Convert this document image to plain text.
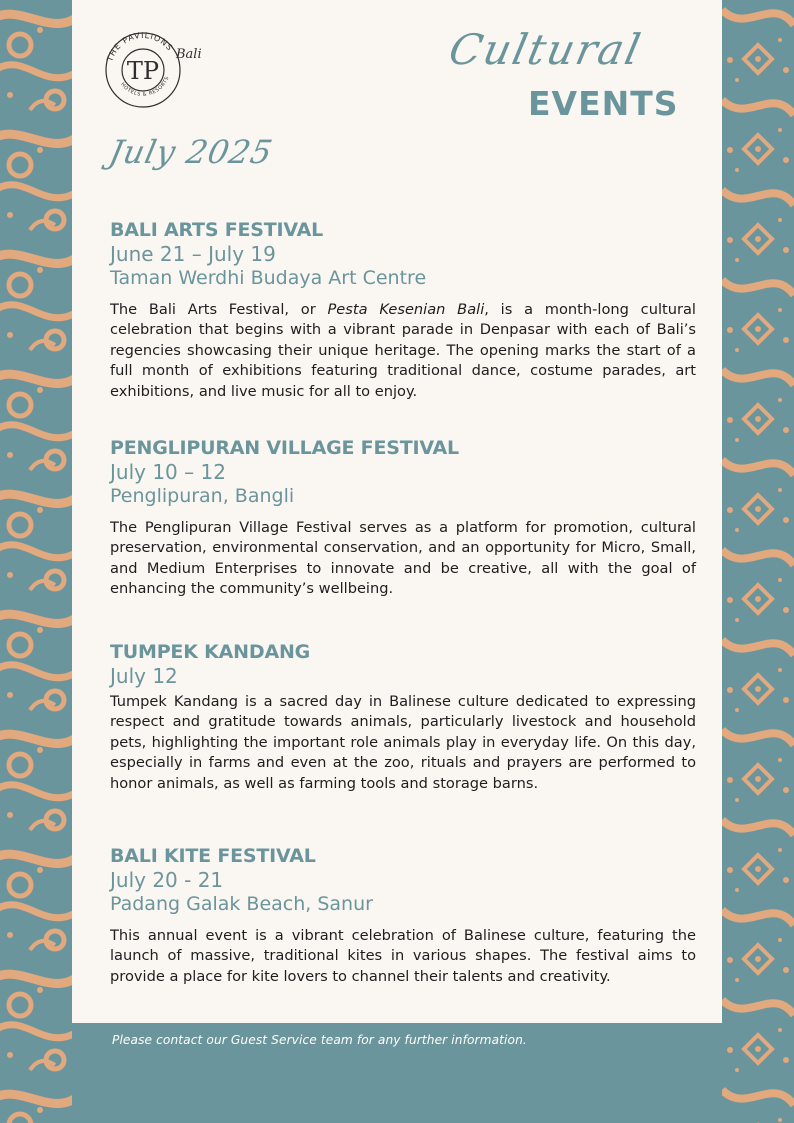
THE PAVILIONS
HOTELS & RESORTS
TP
Bali	Cultural
EVENTS
July 2025
BALI ARTS FESTIVAL
June 21 – July 19
Taman Werdhi Budaya Art Centre
The Bali Arts Festival, or Pesta Kesenian Bali, is a month-long cultural celebration that begins with a vibrant parade in Denpasar with each of Bali’s regencies showcasing their unique heritage. The opening marks the start of a full month of exhibitions featuring traditional dance, costume parades, art exhibitions, and live music for all to enjoy.
PENGLIPURAN VILLAGE FESTIVAL
July 10 – 12
Penglipuran, Bangli
The Penglipuran Village Festival serves as a platform for promotion, cultural preservation, environmental conservation, and an opportunity for Micro, Small, and Medium Enterprises to innovate and be creative, all with the goal of enhancing the community’s wellbeing.
TUMPEK KANDANG
July 12
Tumpek Kandang is a sacred day in Balinese culture dedicated to expressing respect and gratitude towards animals, particularly livestock and household pets, highlighting the important role animals play in everyday life. On this day, especially in farms and even at the zoo, rituals and prayers are performed to honor animals, as well as farming tools and storage barns.
BALI KITE FESTIVAL
July 20 - 21
Padang Galak Beach, Sanur
This annual event is a vibrant celebration of Balinese culture, featuring the launch of massive, traditional kites in various shapes. The festival aims to provide a place for kite lovers to channel their talents and creativity.
Please contact our Guest Service team for any further information.
